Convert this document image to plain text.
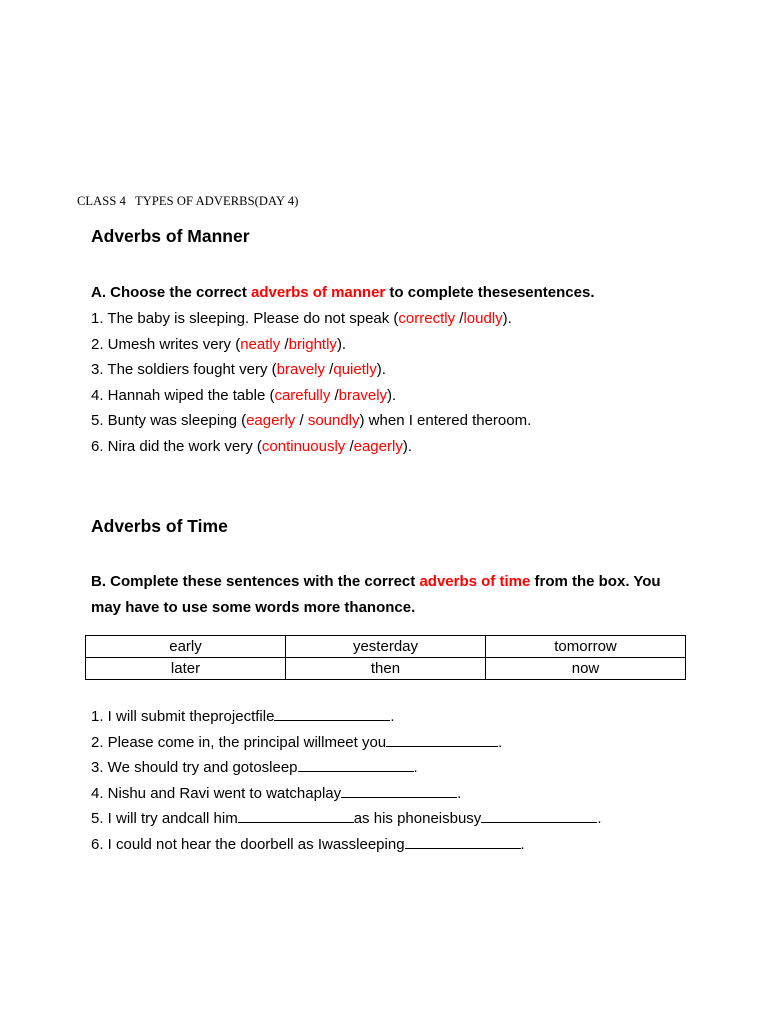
CLASS 4 TYPES OF ADVERBS(DAY 4)
Adverbs of Manner
A. Choose the correct adverbs of manner to complete thesesentences.
1. The baby is sleeping. Please do not speak (correctly /loudly).
2. Umesh writes very (neatly /brightly).
3. The soldiers fought very (bravely /quietly).
4. Hannah wiped the table (carefully /bravely).
5. Bunty was sleeping (eagerly / soundly) when I entered theroom.
6. Nira did the work very (continuously /eagerly).
Adverbs of Time
B. Complete these sentences with the correct adverbs of time from the box. You may have to use some words more thanonce.
early	yesterday	tomorrow
later	then	now
1. I will submit theprojectfile	.
2. Please come in, the principal willmeet you	.
3. We should try and gotosleep	.
4. Nishu and Ravi went to watchaplay	.
5. I will try andcall him	as his phoneisbusy	.
6. I could not hear the doorbell as Iwassleeping	.
